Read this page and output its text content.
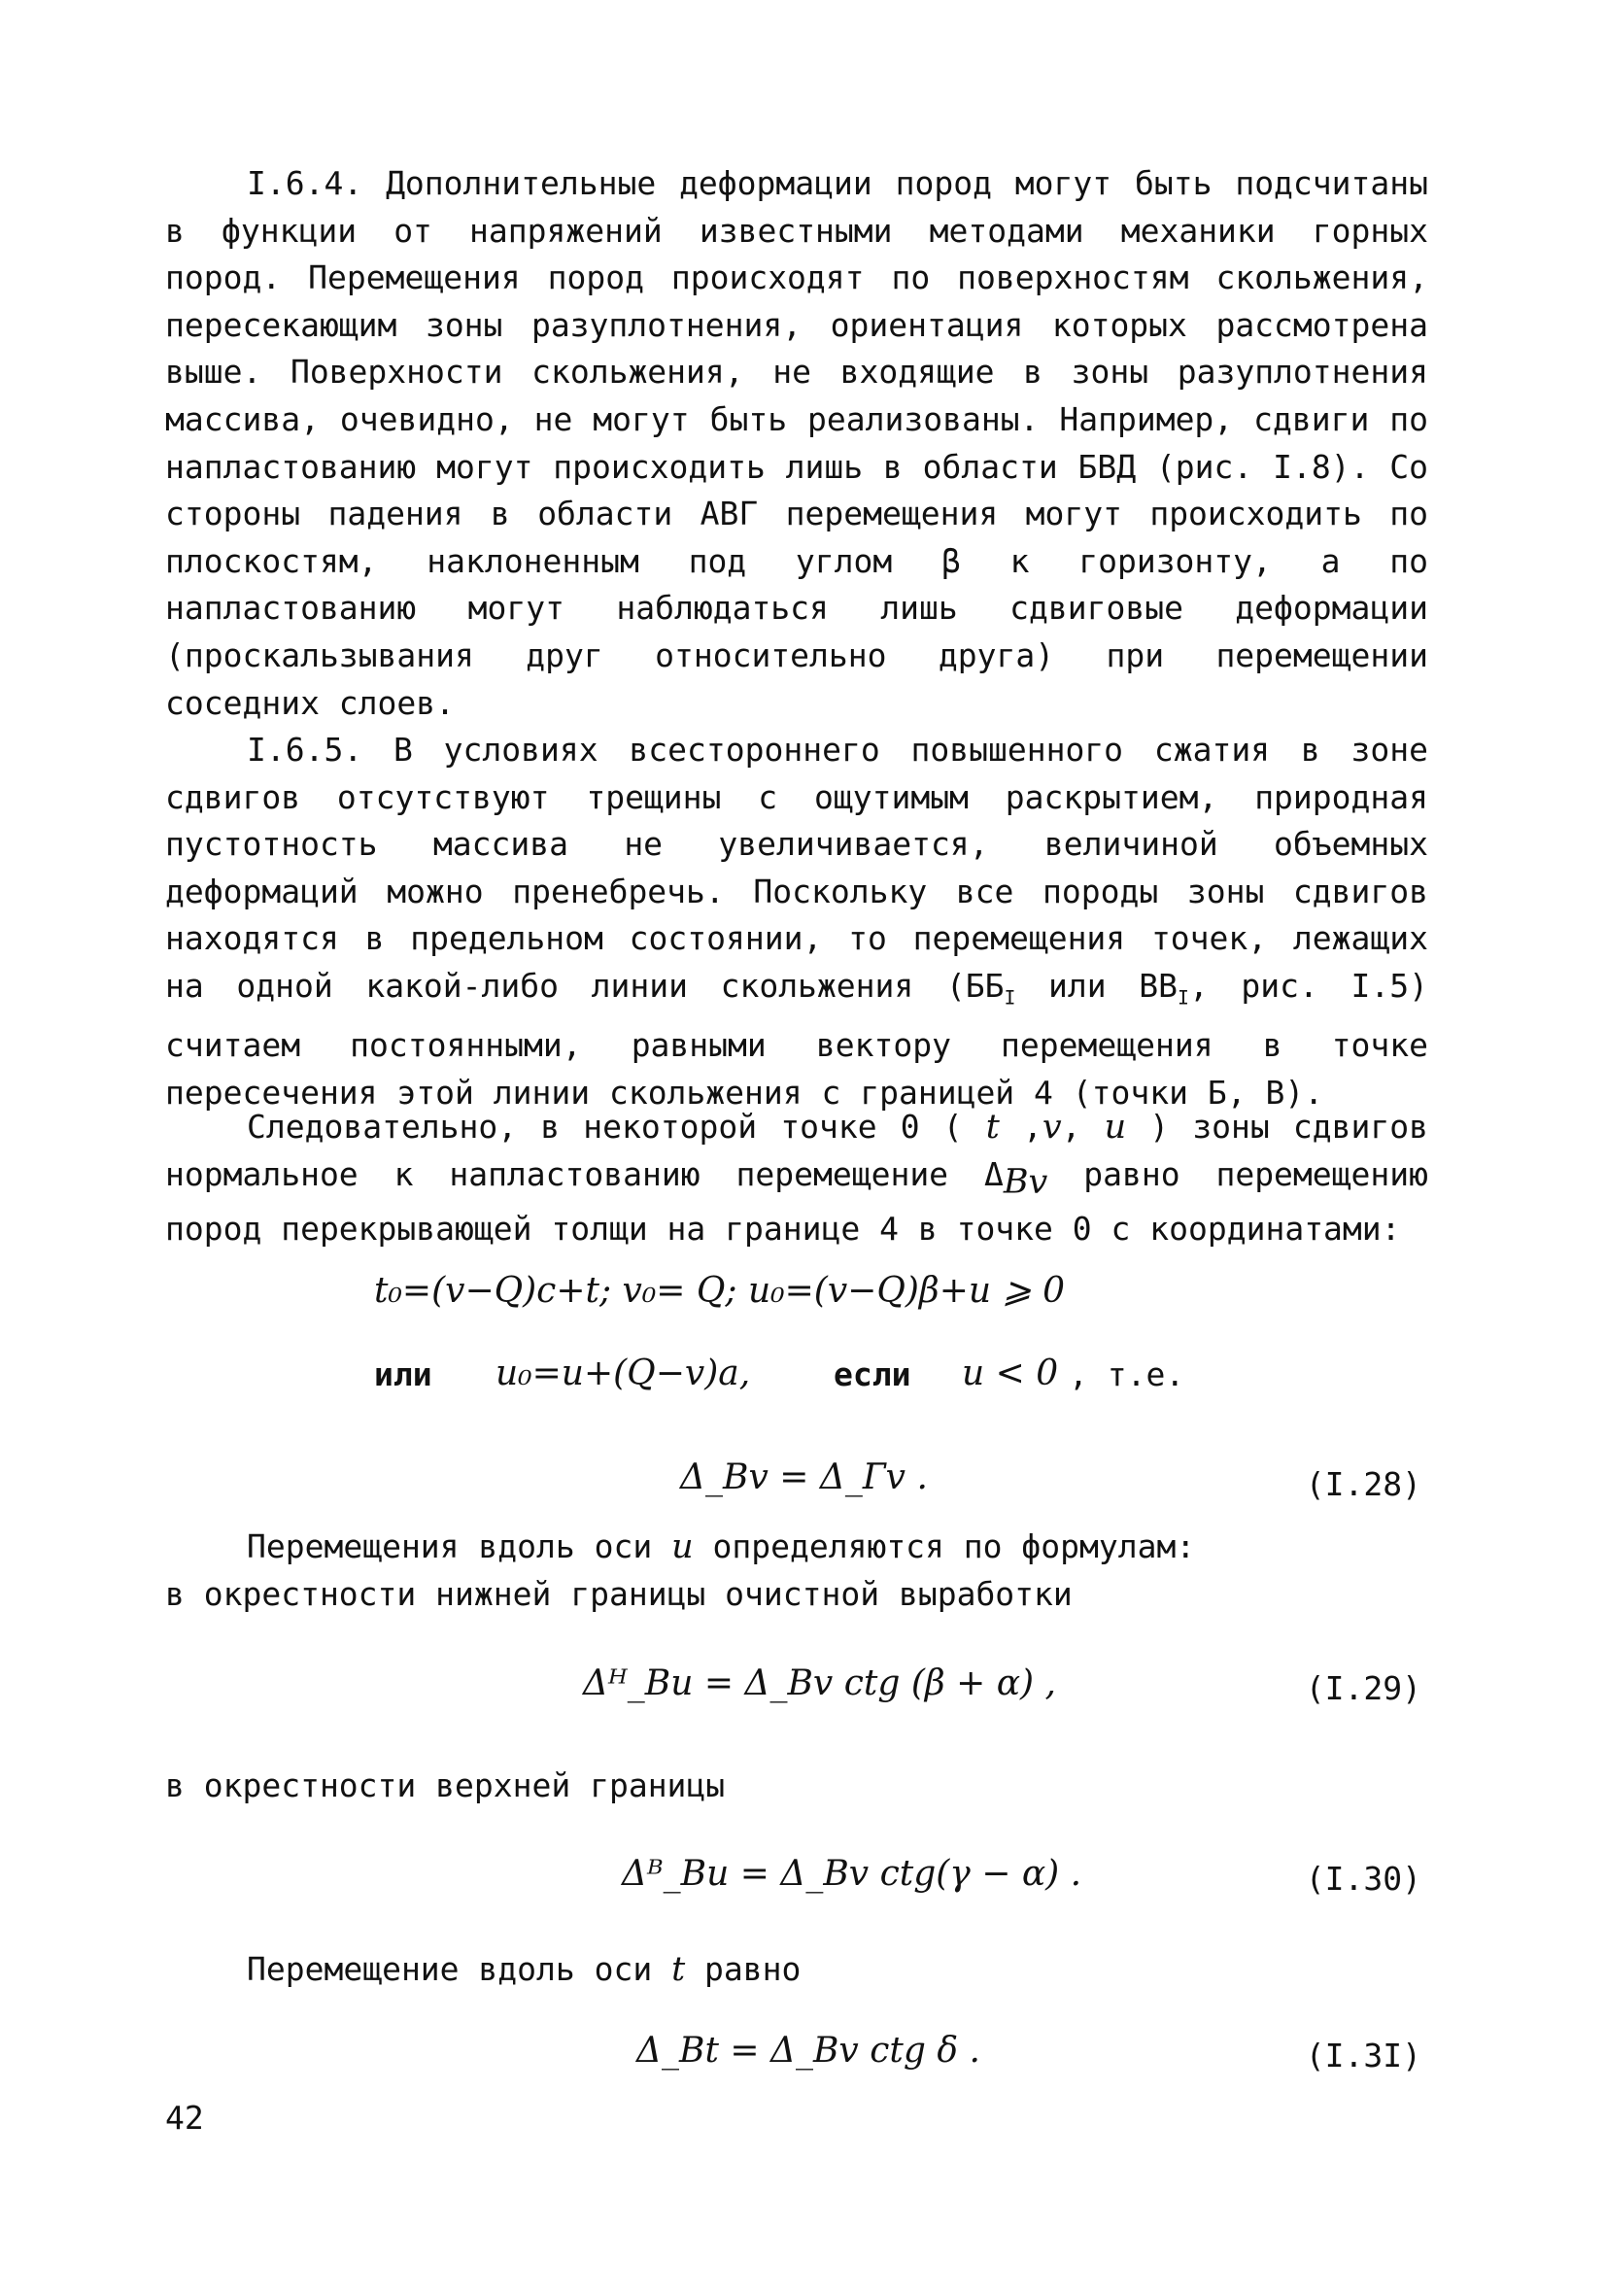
I.6.4. Дополнительные деформации пород могут быть подсчитаны в функции от напряжений известными методами механики горных пород. Перемещения пород происходят по поверхностям скольжения, пересекающим зоны разуплотнения, ориентация которых рассмотрена выше. Поверхности скольжения, не входящие в зоны разуплотнения массива, очевидно, не могут быть реализованы. Например, сдвиги по напластованию могут происходить лишь в области БВД (рис. I.8). Со стороны падения в области АВГ перемещения могут происходить по плоскостям, наклоненным под углом β к горизонту, а по напластованию могут наблюдаться лишь сдвиговые деформации (проскальзывания друг относительно друга) при перемещении соседних слоев.

I.6.5. В условиях всестороннего повышенного сжатия в зоне сдвигов отсутствуют трещины с ощутимым раскрытием, природная пустотность массива не увеличивается, величиной объемных деформаций можно пренебречь. Поскольку все породы зоны сдвигов находятся в предельном состоянии, то перемещения точек, лежащих на одной какой-либо линии скольжения ($ББ_I$ или $ВВ_I$, рис. I.5) считаем постоянными, равными вектору перемещения в точке пересечения этой линии скольжения с границей 4 (точки Б, В).

Следовательно, в некоторой точке 0 ( t ,v, u ) зоны сдвигов нормальное к напластованию перемещение $\Delta_{Bv}$ равно перемещению пород перекрывающей толщи на границе 4 в точке 0 с координатами:

t₀=(v−Q)c+t; v₀= Q; u₀=(v−Q)β+u ⩾ 0
или u₀=u+(Q−v)a,	если u < 0 , т.е.
Δ_Bv = Δ_Гv .	(I.28)
Перемещения вдоль оси u определяются по формулам:
в окрестности нижней границы очистной выработки
Δᴴ_Bu = Δ_Bv ctg (β + α) ,	(I.29)
в окрестности верхней границы
Δᴮ_Bu = Δ_Bv ctg(γ − α) .	(I.30)
Перемещение вдоль оси t равно
Δ_Bt = Δ_Bv ctg δ .	(I.3I)
42
